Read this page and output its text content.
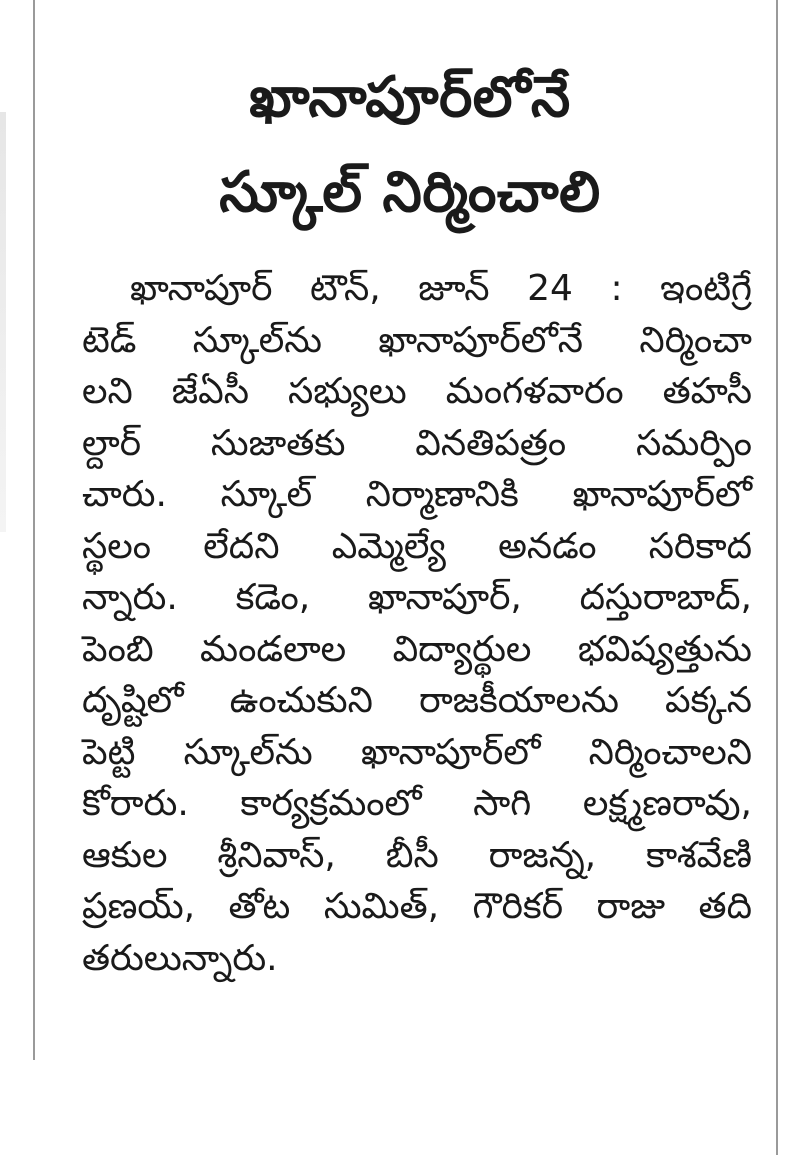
ఖానాపూర్‌లోనే
స్కూల్ నిర్మించాలి
ఖానాపూర్ టౌన్, జూన్ 24 : ఇంటిగ్రే
టెడ్ స్కూల్‌ను ఖానాపూర్‌లోనే నిర్మించా
లని జేఏసీ సభ్యులు మంగళవారం తహసీ
ల్దార్ సుజాతకు వినతిపత్రం సమర్పిం
చారు. స్కూల్ నిర్మాణానికి ఖానాపూర్‌లో
స్థలం లేదని ఎమ్మెల్యే అనడం సరికాద
న్నారు. కడెం, ఖానాపూర్, దస్తురాబాద్,
పెంబి మండలాల విద్యార్థుల భవిష్యత్తును
దృష్టిలో ఉంచుకుని రాజకీయాలను పక్కన
పెట్టి స్కూల్‌ను ఖానాపూర్‌లో నిర్మించాలని
కోరారు. కార్యక్రమంలో సాగి లక్ష్మణరావు,
ఆకుల శ్రీనివాస్, బీసీ రాజన్న, కాశవేణి
ప్రణయ్, తోట సుమిత్, గౌరికర్ రాజు తది
తరులున్నారు.
